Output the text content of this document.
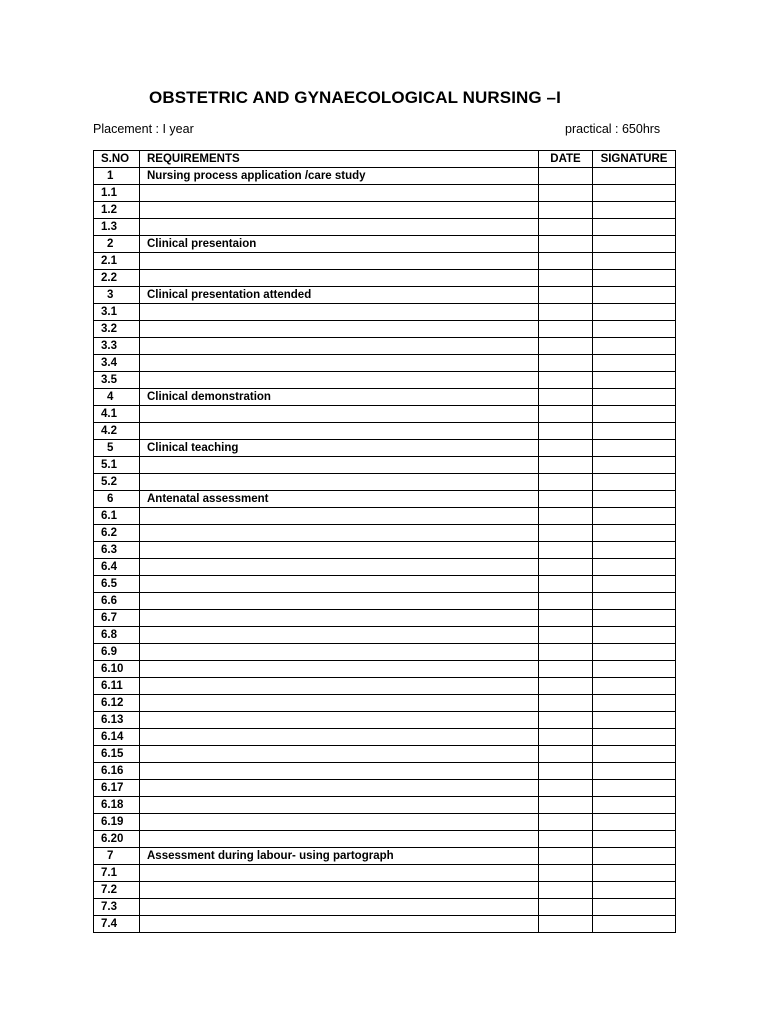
OBSTETRIC AND GYNAECOLOGICAL NURSING –I
Placement : I year	practical : 650hrs
S.NO	REQUIREMENTS	DATE	SIGNATURE
1	Nursing process application /care study		
1.1			
1.2			
1.3			
2	Clinical presentaion		
2.1			
2.2			
3	Clinical presentation attended		
3.1			
3.2			
3.3			
3.4			
3.5			
4	Clinical demonstration		
4.1			
4.2			
5	Clinical teaching		
5.1			
5.2			
6	Antenatal assessment		
6.1			
6.2			
6.3			
6.4			
6.5			
6.6			
6.7			
6.8			
6.9			
6.10			
6.11			
6.12			
6.13			
6.14			
6.15			
6.16			
6.17			
6.18			
6.19			
6.20			
7	Assessment during labour- using partograph		
7.1			
7.2			
7.3			
7.4			
